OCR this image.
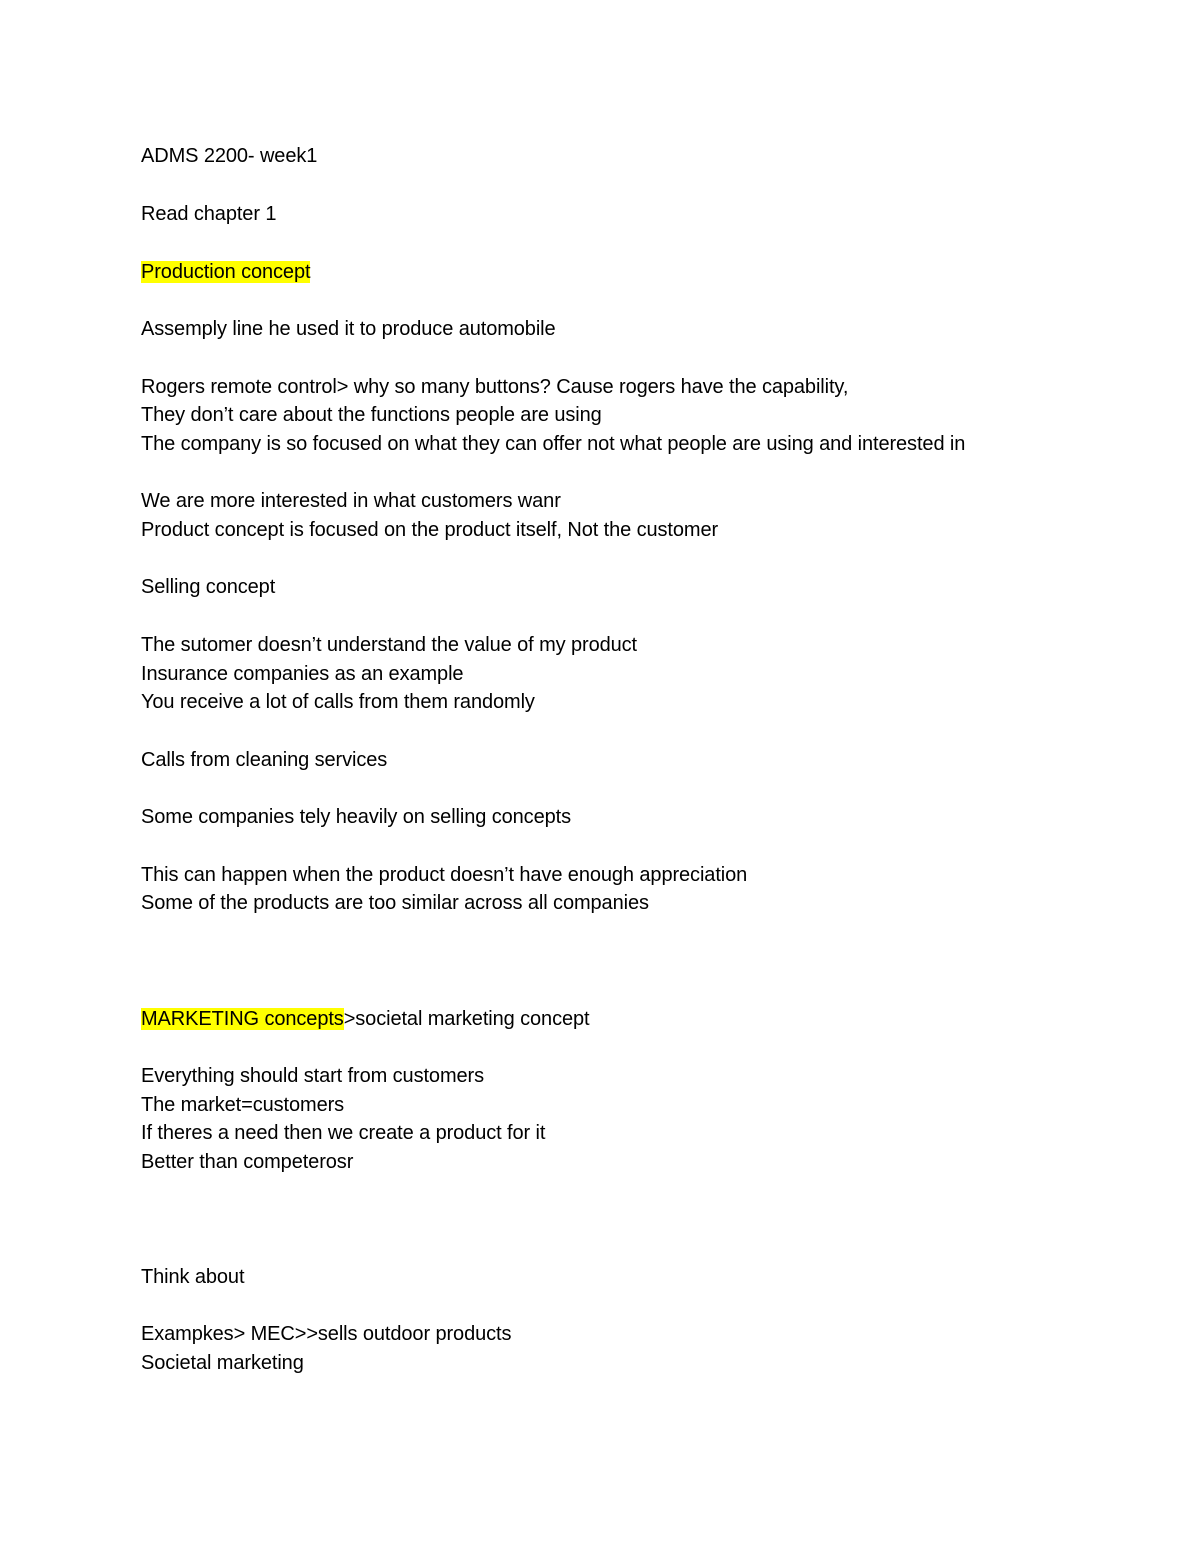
ADMS 2200- week1
Read chapter 1
Production concept
Assemply line he used it to produce automobile
Rogers remote control> why so many buttons? Cause rogers have the capability,
They don’t care about the functions people are using
The company is so focused on what they can offer not what people are using and interested in
We are more interested in what customers wanr
Product concept is focused on the product itself, Not the customer
Selling concept
The sutomer doesn’t understand the value of my product
Insurance companies as an example
You receive a lot of calls from them randomly
Calls from cleaning services
Some companies tely heavily on selling concepts
This can happen when the product doesn’t have enough appreciation
Some of the products are too similar across all companies
MARKETING concepts>societal marketing concept
Everything should start from customers
The market=customers
If theres a need then we create a product for it
Better than competerosr
Think about
Exampkes> MEC>>sells outdoor products
Societal marketing
